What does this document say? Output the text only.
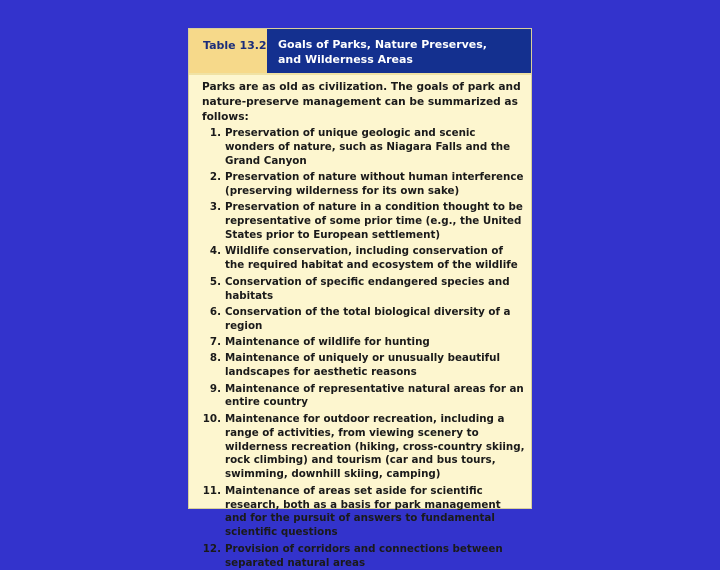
Table 13.2 Goals of Parks, Nature Preserves,
and Wilderness Areas
Parks are as old as civilization. The goals of park and nature-preserve management can be summarized as follows:
1. Preservation of unique geologic and scenic wonders of nature, such as Niagara Falls and the Grand Canyon
2. Preservation of nature without human interference (preserving wilderness for its own sake)
3. Preservation of nature in a condition thought to be representative of some prior time (e.g., the United States prior to European settlement)
4. Wildlife conservation, including conservation of the required habitat and ecosystem of the wildlife
5. Conservation of specific endangered species and habitats
6. Conservation of the total biological diversity of a region
7. Maintenance of wildlife for hunting
8. Maintenance of uniquely or unusually beautiful landscapes for aesthetic reasons
9. Maintenance of representative natural areas for an entire country
10. Maintenance for outdoor recreation, including a range of activities, from viewing scenery to wilderness recreation (hiking, cross-country skiing, rock climbing) and tourism (car and bus tours, swimming, downhill skiing, camping)
11. Maintenance of areas set aside for scientific research, both as a basis for park management and for the pursuit of answers to fundamental scientific questions
12. Provision of corridors and connections between separated natural areas
